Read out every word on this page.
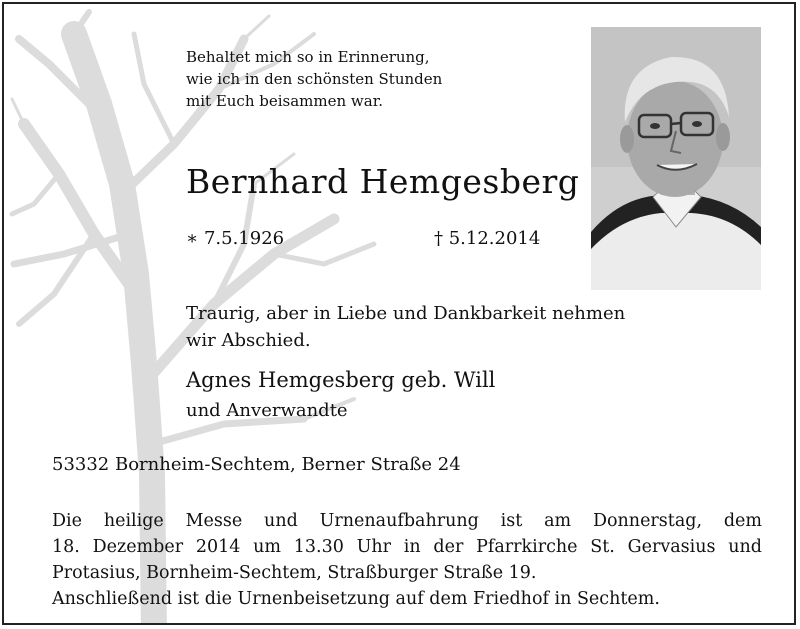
Behaltet mich so in Erinnerung,
wie ich in den schönsten Stunden
mit Euch beisammen war.
Bernhard Hemgesberg
∗ 7.5.1926	† 5.12.2014
Traurig, aber in Liebe und Dankbarkeit nehmen
wir Abschied.
Agnes Hemgesberg geb. Will
und Anverwandte
53332 Bornheim-Sechtem, Berner Straße 24
Die heilige Messe und Urnenaufbahrung ist am Donnerstag, dem
18. Dezember 2014 um 13.30 Uhr in der Pfarrkirche St. Gervasius und
Protasius, Bornheim-Sechtem, Straßburger Straße 19.
Anschließend ist die Urnenbeisetzung auf dem Friedhof in Sechtem.
